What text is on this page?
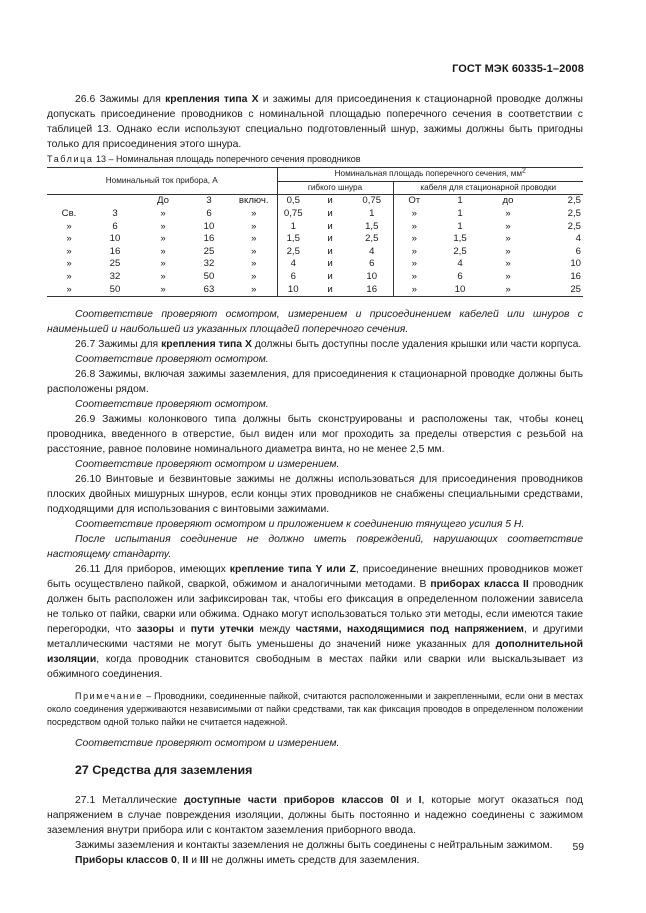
ГОСТ МЭК 60335-1–2008

26.6 Зажимы для крепления типа X и зажимы для присоединения к стационарной проводке должны допускать присоединение проводников с номинальной площадью поперечного сечения в соответствии с таблицей 13. Однако если используют специально подготовленный шнур, зажимы должны быть пригодны только для присоединения этого шнура.

Таблица 13 – Номинальная площадь поперечного сечения проводников
Номинальный ток прибора, А					Номинальная площадь поперечного сечения, $мм^2$
					гибкого шнура			кабеля для стационарной проводки			
		До	3	включ.	0,5	и	0,75	От	1	до	2,5
Св.	3	»	6	»	0,75	и	1	»	1	»	2,5
»	6	»	10	»	1	и	1,5	»	1	»	2,5
»	10	»	16	»	1,5	и	2,5	»	1,5	»	4
»	16	»	25	»	2,5	и	4	»	2,5	»	6
»	25	»	32	»	4	и	6	»	4	»	10
»	32	»	50	»	6	и	10	»	6	»	16
»	50	»	63	»	10	и	16	»	10	»	25

Соответствие проверяют осмотром, измерением и присоединением кабелей или шнуров с наименьшей и наибольшей из указанных площадей поперечного сечения.

26.7 Зажимы для крепления типа X должны быть доступны после удаления крышки или части корпуса.

Соответствие проверяют осмотром.

26.8 Зажимы, включая зажимы заземления, для присоединения к стационарной проводке должны быть расположены рядом.

Соответствие проверяют осмотром.

26.9 Зажимы колонкового типа должны быть сконструированы и расположены так, чтобы конец проводника, введенного в отверстие, был виден или мог проходить за пределы отверстия с резьбой на расстояние, равное половине номинального диаметра винта, но не менее 2,5 мм.

Соответствие проверяют осмотром и измерением.

26.10 Винтовые и безвинтовые зажимы не должны использоваться для присоединения проводников плоских двойных мишурных шнуров, если концы этих проводников не снабжены специальными средствами, подходящими для использования с винтовыми зажимами.

Соответствие проверяют осмотром и приложением к соединению тянущего усилия 5 Н.

После испытания соединение не должно иметь повреждений, нарушающих соответствие настоящему стандарту.

26.11 Для приборов, имеющих крепление типа Y или Z, присоединение внешних проводников может быть осуществлено пайкой, сваркой, обжимом и аналогичными методами. В приборах класса II проводник должен быть расположен или зафиксирован так, чтобы его фиксация в определенном положении зависела не только от пайки, сварки или обжима. Однако могут использоваться только эти методы, если имеются такие перегородки, что зазоры и пути утечки между частями, находящимися под напряжением, и другими металлическими частями не могут быть уменьшены до значений ниже указанных для дополнительной изоляции, когда проводник становится свободным в местах пайки или сварки или выскальзывает из обжимного соединения.

Примечание – Проводники, соединенные пайкой, считаются расположенными и закрепленными, если они в местах около соединения удерживаются независимыми от пайки средствами, так как фиксация проводов в определенном положении посредством одной только пайки не считается надежной.

Соответствие проверяют осмотром и измерением.

27 Средства для заземления

27.1 Металлические доступные части приборов классов 0I и I, которые могут оказаться под напряжением в случае повреждения изоляции, должны быть постоянно и надежно соединены с зажимом заземления внутри прибора или с контактом заземления приборного ввода.

Зажимы заземления и контакты заземления не должны быть соединены с нейтральным зажимом.

Приборы классов 0, II и III не должны иметь средств для заземления.

59
